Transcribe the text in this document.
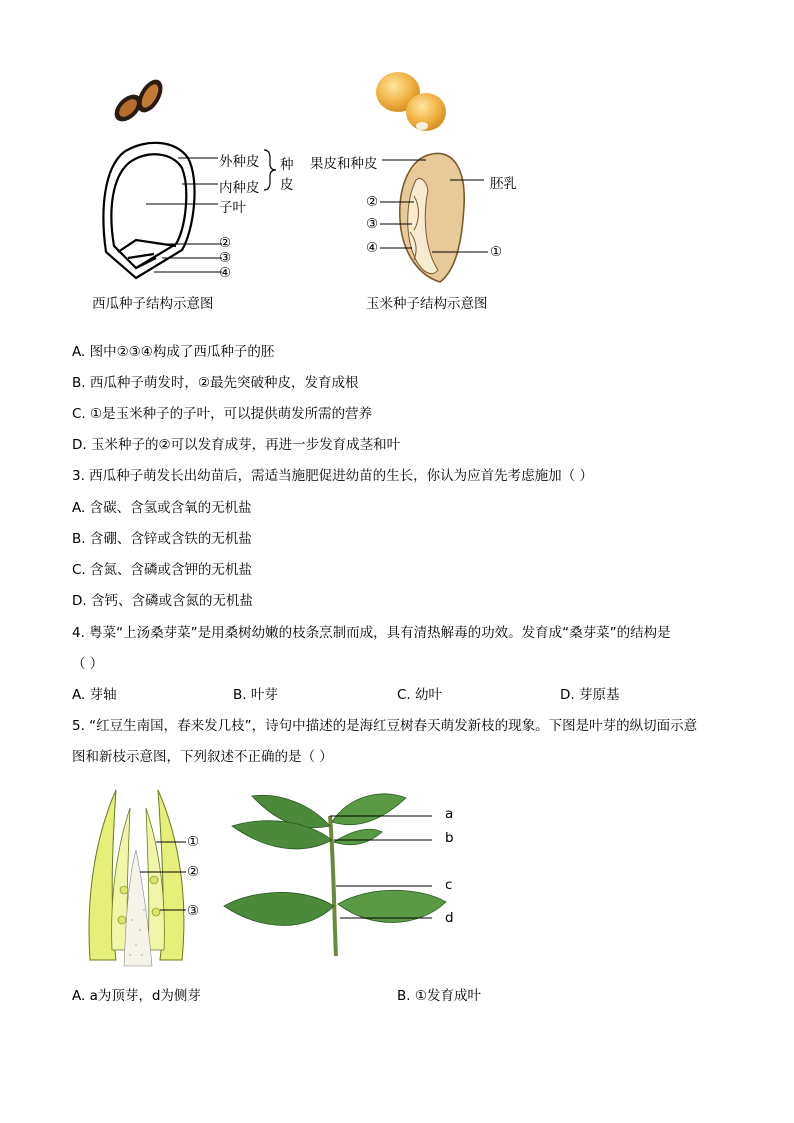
外种皮
内种皮
种
皮
子叶
②
③
④
西瓜种子结构示意图
果皮和种皮
胚乳
②
③
④	①
玉米种子结构示意图
A. 图中②③④构成了西瓜种子的胚
B. 西瓜种子萌发时，②最先突破种皮，发育成根
C. ①是玉米种子的子叶，可以提供萌发所需的营养
D. 玉米种子的②可以发育成芽，再进一步发育成茎和叶
3. 西瓜种子萌发长出幼苗后，需适当施肥促进幼苗的生长，你认为应首先考虑施加（ ）
A. 含碳、含氢或含氧的无机盐
B. 含硼、含锌或含铁的无机盐
C. 含氮、含磷或含钾的无机盐
D. 含钙、含磷或含氮的无机盐
4. 粤菜“上汤桑芽菜”是用桑树幼嫩的枝条烹制而成，具有清热解毒的功效。发育成“桑芽菜”的结构是
（ ）
A. 芽轴	B. 叶芽	C. 幼叶	D. 芽原基
5. “红豆生南国，春来发几枝”，诗句中描述的是海红豆树春天萌发新枝的现象。下图是叶芽的纵切面示意
图和新枝示意图，下列叙述不正确的是（ ）
①
②
③
a
b
c
d
A. a为顶芽，d为侧芽	B. ①发育成叶
